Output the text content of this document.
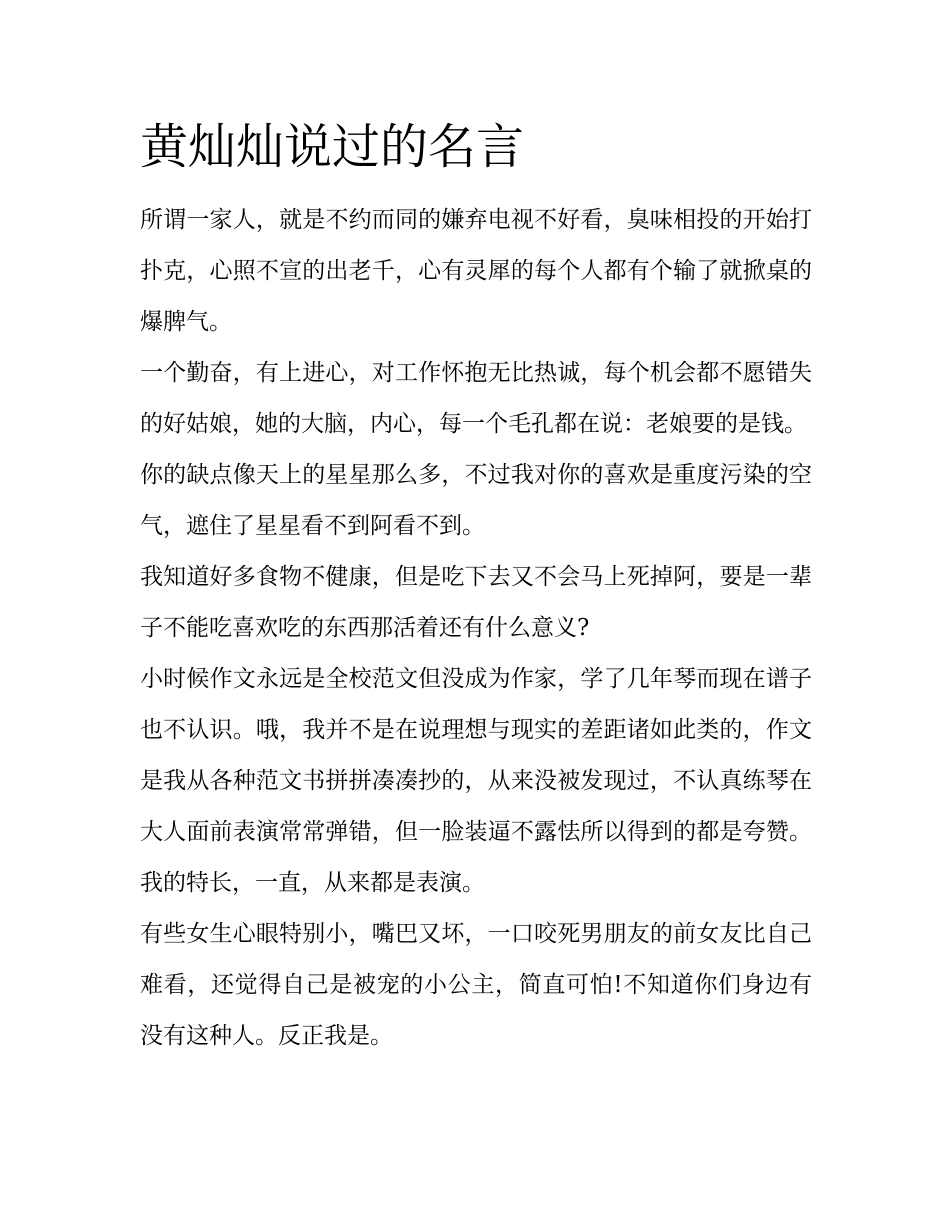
黄灿灿说过的名言

所谓一家人，就是不约而同的嫌弃电视不好看，臭味相投的开始打扑克，心照不宣的出老千，心有灵犀的每个人都有个输了就掀桌的爆脾气。

一个勤奋，有上进心，对工作怀抱无比热诚，每个机会都不愿错失的好姑娘，她的大脑，内心，每一个毛孔都在说：老娘要的是钱。

你的缺点像天上的星星那么多，不过我对你的喜欢是重度污染的空气，遮住了星星看不到阿看不到。

我知道好多食物不健康，但是吃下去又不会马上死掉阿，要是一辈子不能吃喜欢吃的东西那活着还有什么意义?

小时候作文永远是全校范文但没成为作家，学了几年琴而现在谱子也不认识。哦，我并不是在说理想与现实的差距诸如此类的，作文是我从各种范文书拼拼凑凑抄的，从来没被发现过，不认真练琴在大人面前表演常常弹错，但一脸装逼不露怯所以得到的都是夸赞。我的特长，一直，从来都是表演。

有些女生心眼特别小，嘴巴又坏，一口咬死男朋友的前女友比自己难看，还觉得自己是被宠的小公主，简直可怕!不知道你们身边有没有这种人。反正我是。
